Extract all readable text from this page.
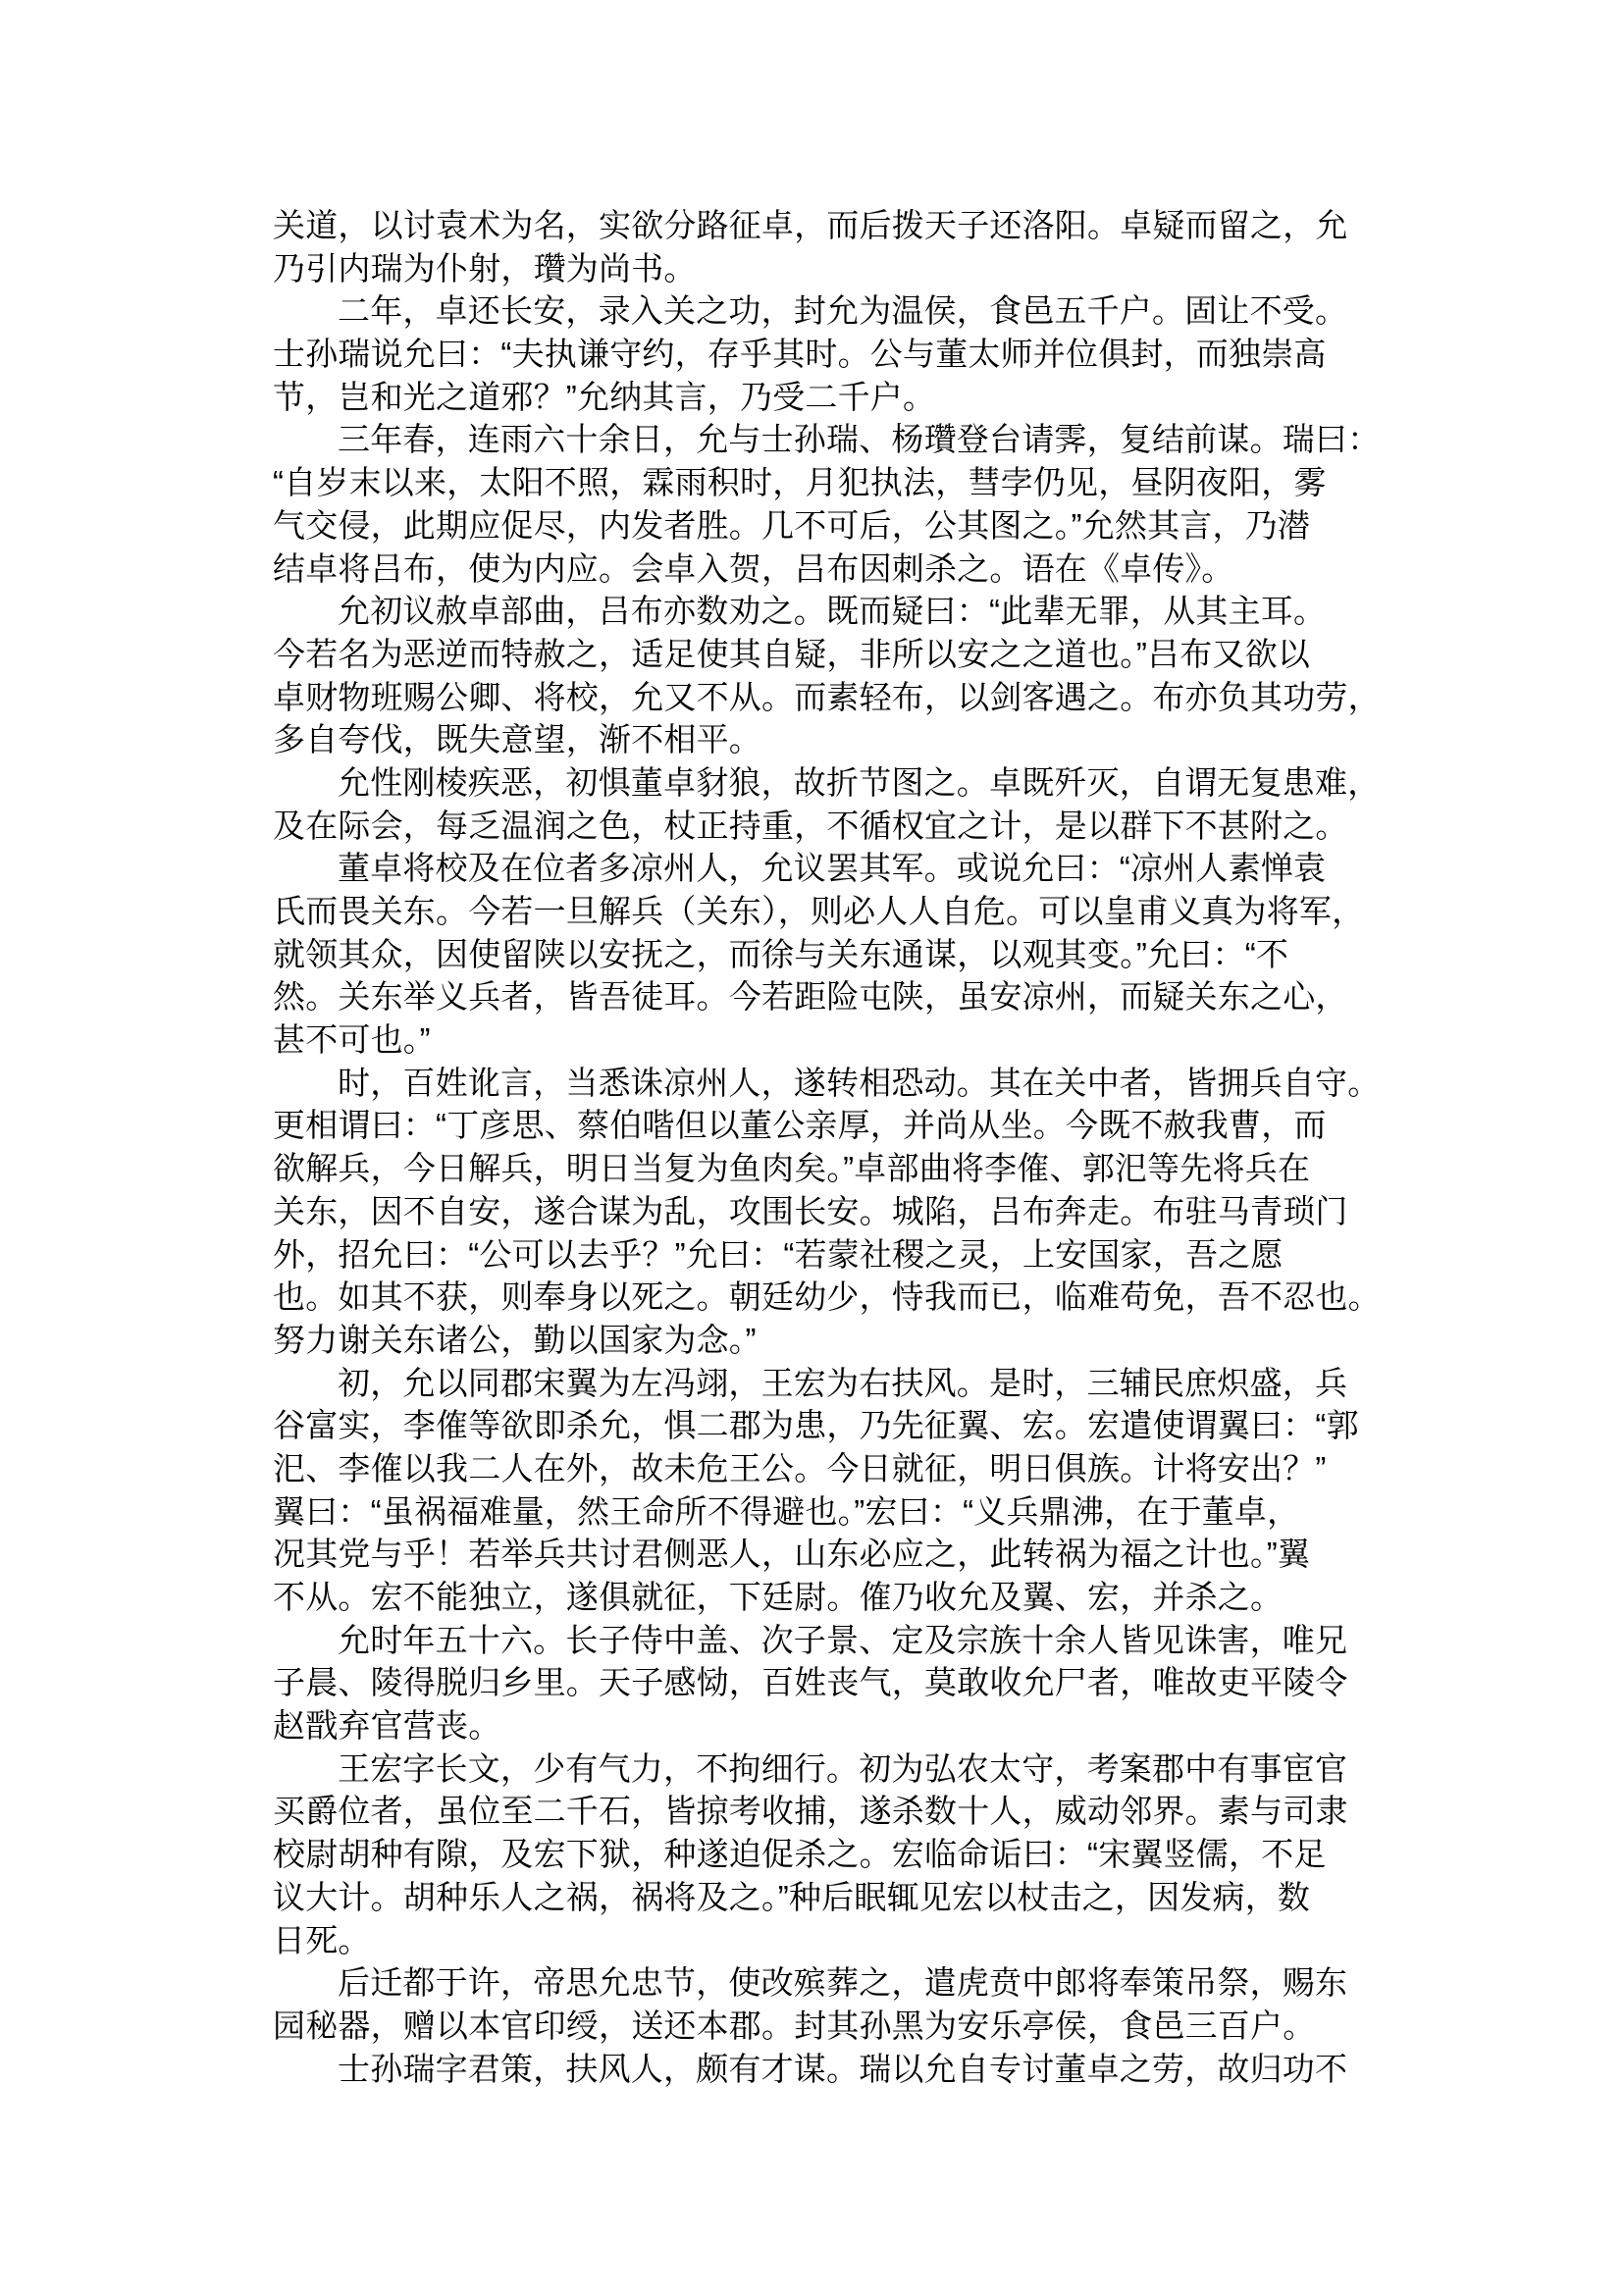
关道，以讨袁术为名，实欲分路征卓，而后拨天子还洛阳。卓疑而留之，允
乃引内瑞为仆射，瓚为尚书。
二年，卓还长安，录入关之功，封允为温侯，食邑五千户。固让不受。
士孙瑞说允曰：“夫执谦守约，存乎其时。公与董太师并位俱封，而独崇高
节，岂和光之道邪？”允纳其言，乃受二千户。
三年春，连雨六十余日，允与士孙瑞、杨瓚登台请霁，复结前谋。瑞曰：
“自岁末以来，太阳不照，霖雨积时，月犯执法，彗孛仍见，昼阴夜阳，雾
气交侵，此期应促尽，内发者胜。几不可后，公其图之。”允然其言，乃潜
结卓将吕布，使为内应。会卓入贺，吕布因刺杀之。语在《卓传》。
允初议赦卓部曲，吕布亦数劝之。既而疑曰：“此辈无罪，从其主耳。
今若名为恶逆而特赦之，适足使其自疑，非所以安之之道也。”吕布又欲以
卓财物班赐公卿、将校，允又不从。而素轻布，以剑客遇之。布亦负其功劳，
多自夸伐，既失意望，渐不相平。
允性刚棱疾恶，初惧董卓豺狼，故折节图之。卓既歼灭，自谓无复患难，
及在际会，每乏温润之色，杖正持重，不循权宜之计，是以群下不甚附之。
董卓将校及在位者多凉州人，允议罢其军。或说允曰：“凉州人素惮袁
氏而畏关东。今若一旦解兵（关东），则必人人自危。可以皇甫义真为将军，
就领其众，因使留陕以安抚之，而徐与关东通谋，以观其变。”允曰：“不
然。关东举义兵者，皆吾徒耳。今若距险屯陕，虽安凉州，而疑关东之心，
甚不可也。”
时，百姓讹言，当悉诛凉州人，遂转相恐动。其在关中者，皆拥兵自守。
更相谓曰：“丁彦思、蔡伯喈但以董公亲厚，并尚从坐。今既不赦我曹，而
欲解兵，今日解兵，明日当复为鱼肉矣。”卓部曲将李傕、郭汜等先将兵在
关东，因不自安，遂合谋为乱，攻围长安。城陷，吕布奔走。布驻马青琐门
外，招允曰：“公可以去乎？”允曰：“若蒙社稷之灵，上安国家，吾之愿
也。如其不获，则奉身以死之。朝廷幼少，恃我而已，临难苟免，吾不忍也。
努力谢关东诸公，勤以国家为念。”
初，允以同郡宋翼为左冯翊，王宏为右扶风。是时，三辅民庶炽盛，兵
谷富实，李傕等欲即杀允，惧二郡为患，乃先征翼、宏。宏遣使谓翼曰：“郭
汜、李傕以我二人在外，故未危王公。今日就征，明日俱族。计将安出？”
翼曰：“虽祸福难量，然王命所不得避也。”宏曰：“义兵鼎沸，在于董卓，
况其党与乎！若举兵共讨君侧恶人，山东必应之，此转祸为福之计也。”翼
不从。宏不能独立，遂俱就征，下廷尉。傕乃收允及翼、宏，并杀之。
允时年五十六。长子侍中盖、次子景、定及宗族十余人皆见诛害，唯兄
子晨、陵得脱归乡里。天子感恸，百姓丧气，莫敢收允尸者，唯故吏平陵令
赵戬弃官营丧。
王宏字长文，少有气力，不拘细行。初为弘农太守，考案郡中有事宦官
买爵位者，虽位至二千石，皆掠考收捕，遂杀数十人，威动邻界。素与司隶
校尉胡种有隙，及宏下狱，种遂迫促杀之。宏临命诟曰：“宋翼竖儒，不足
议大计。胡种乐人之祸，祸将及之。”种后眠辄见宏以杖击之，因发病，数
日死。
后迁都于许，帝思允忠节，使改殡葬之，遣虎贲中郎将奉策吊祭，赐东
园秘器，赠以本官印绶，送还本郡。封其孙黑为安乐亭侯，食邑三百户。
士孙瑞字君策，扶风人，颇有才谋。瑞以允自专讨董卓之劳，故归功不
